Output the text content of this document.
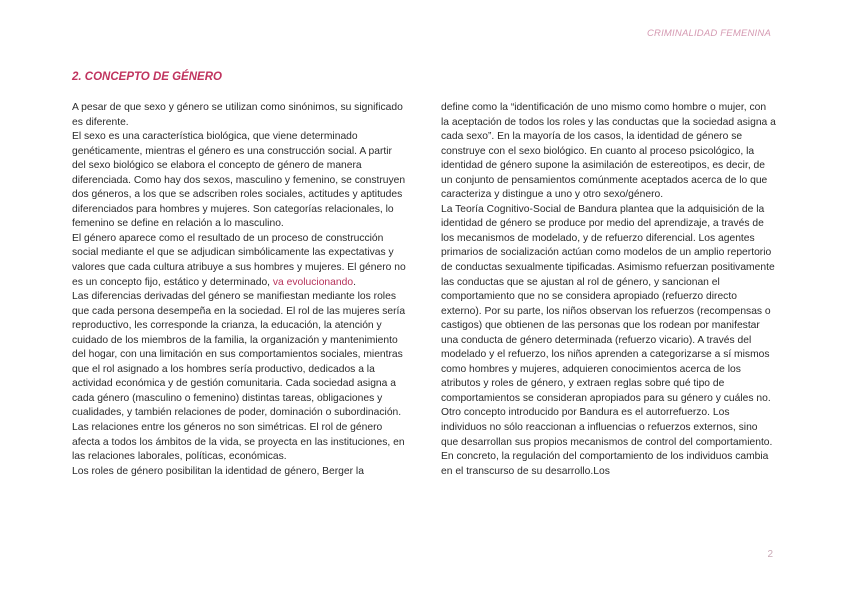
CRIMINALIDAD FEMENINA
2. CONCEPTO DE GÉNERO

A pesar de que sexo y género se utilizan como sinónimos, su significado es diferente.

El sexo es una característica biológica, que viene determinado genéticamente, mientras el género es una construcción social. A partir del sexo biológico se elabora el concepto de género de manera diferenciada. Como hay dos sexos, masculino y femenino, se construyen dos géneros, a los que se adscriben roles sociales, actitudes y aptitudes diferenciados para hombres y mujeres. Son categorías relacionales, lo femenino se define en relación a lo masculino.

El género aparece como el resultado de un proceso de construcción social mediante el que se adjudican simbólicamente las expectativas y valores que cada cultura atribuye a sus hombres y mujeres. El género no es un concepto fijo, estático y determinado, va evolucionando.

Las diferencias derivadas del género se manifiestan mediante los roles que cada persona desempeña en la sociedad. El rol de las mujeres sería reproductivo, les corresponde la crianza, la educación, la atención y cuidado de los miembros de la familia, la organización y mantenimiento del hogar, con una limitación en sus comportamientos sociales, mientras que el rol asignado a los hombres sería productivo, dedicados a la actividad económica y de gestión comunitaria. Cada sociedad asigna a cada género (masculino o femenino) distintas tareas, obligaciones y cualidades, y también relaciones de poder, dominación o subordinación. Las relaciones entre los géneros no son simétricas. El rol de género afecta a todos los ámbitos de la vida, se proyecta en las instituciones, en las relaciones laborales, políticas, económicas.

Los roles de género posibilitan la identidad de género, Berger la

define como la “identificación de uno mismo como hombre o mujer, con la aceptación de todos los roles y las conductas que la sociedad asigna a cada sexo”. En la mayoría de los casos, la identidad de género se construye con el sexo biológico. En cuanto al proceso psicológico, la identidad de género supone la asimilación de estereotipos, es decir, de un conjunto de pensamientos comúnmente aceptados acerca de lo que caracteriza y distingue a uno y otro sexo/género.

La Teoría Cognitivo-Social de Bandura plantea que la adquisición de la identidad de género se produce por medio del aprendizaje, a través de los mecanismos de modelado, y de refuerzo diferencial. Los agentes primarios de socialización actúan como modelos de un amplio repertorio de conductas sexualmente tipificadas. Asimismo refuerzan positivamente las conductas que se ajustan al rol de género, y sancionan el comportamiento que no se considera apropiado (refuerzo directo externo). Por su parte, los niños observan los refuerzos (recompensas o castigos) que obtienen de las personas que los rodean por manifestar una conducta de género determinada (refuerzo vicario). A través del modelado y el refuerzo, los niños aprenden a categorizarse a sí mismos como hombres y mujeres, adquieren conocimientos acerca de los atributos y roles de género, y extraen reglas sobre qué tipo de comportamientos se consideran apropiados para su género y cuáles no.

Otro concepto introducido por Bandura es el autorrefuerzo. Los individuos no sólo reaccionan a influencias o refuerzos externos, sino que desarrollan sus propios mecanismos de control del comportamiento. En concreto, la regulación del comportamiento de los individuos cambia en el transcurso de su desarrollo.Los

2
